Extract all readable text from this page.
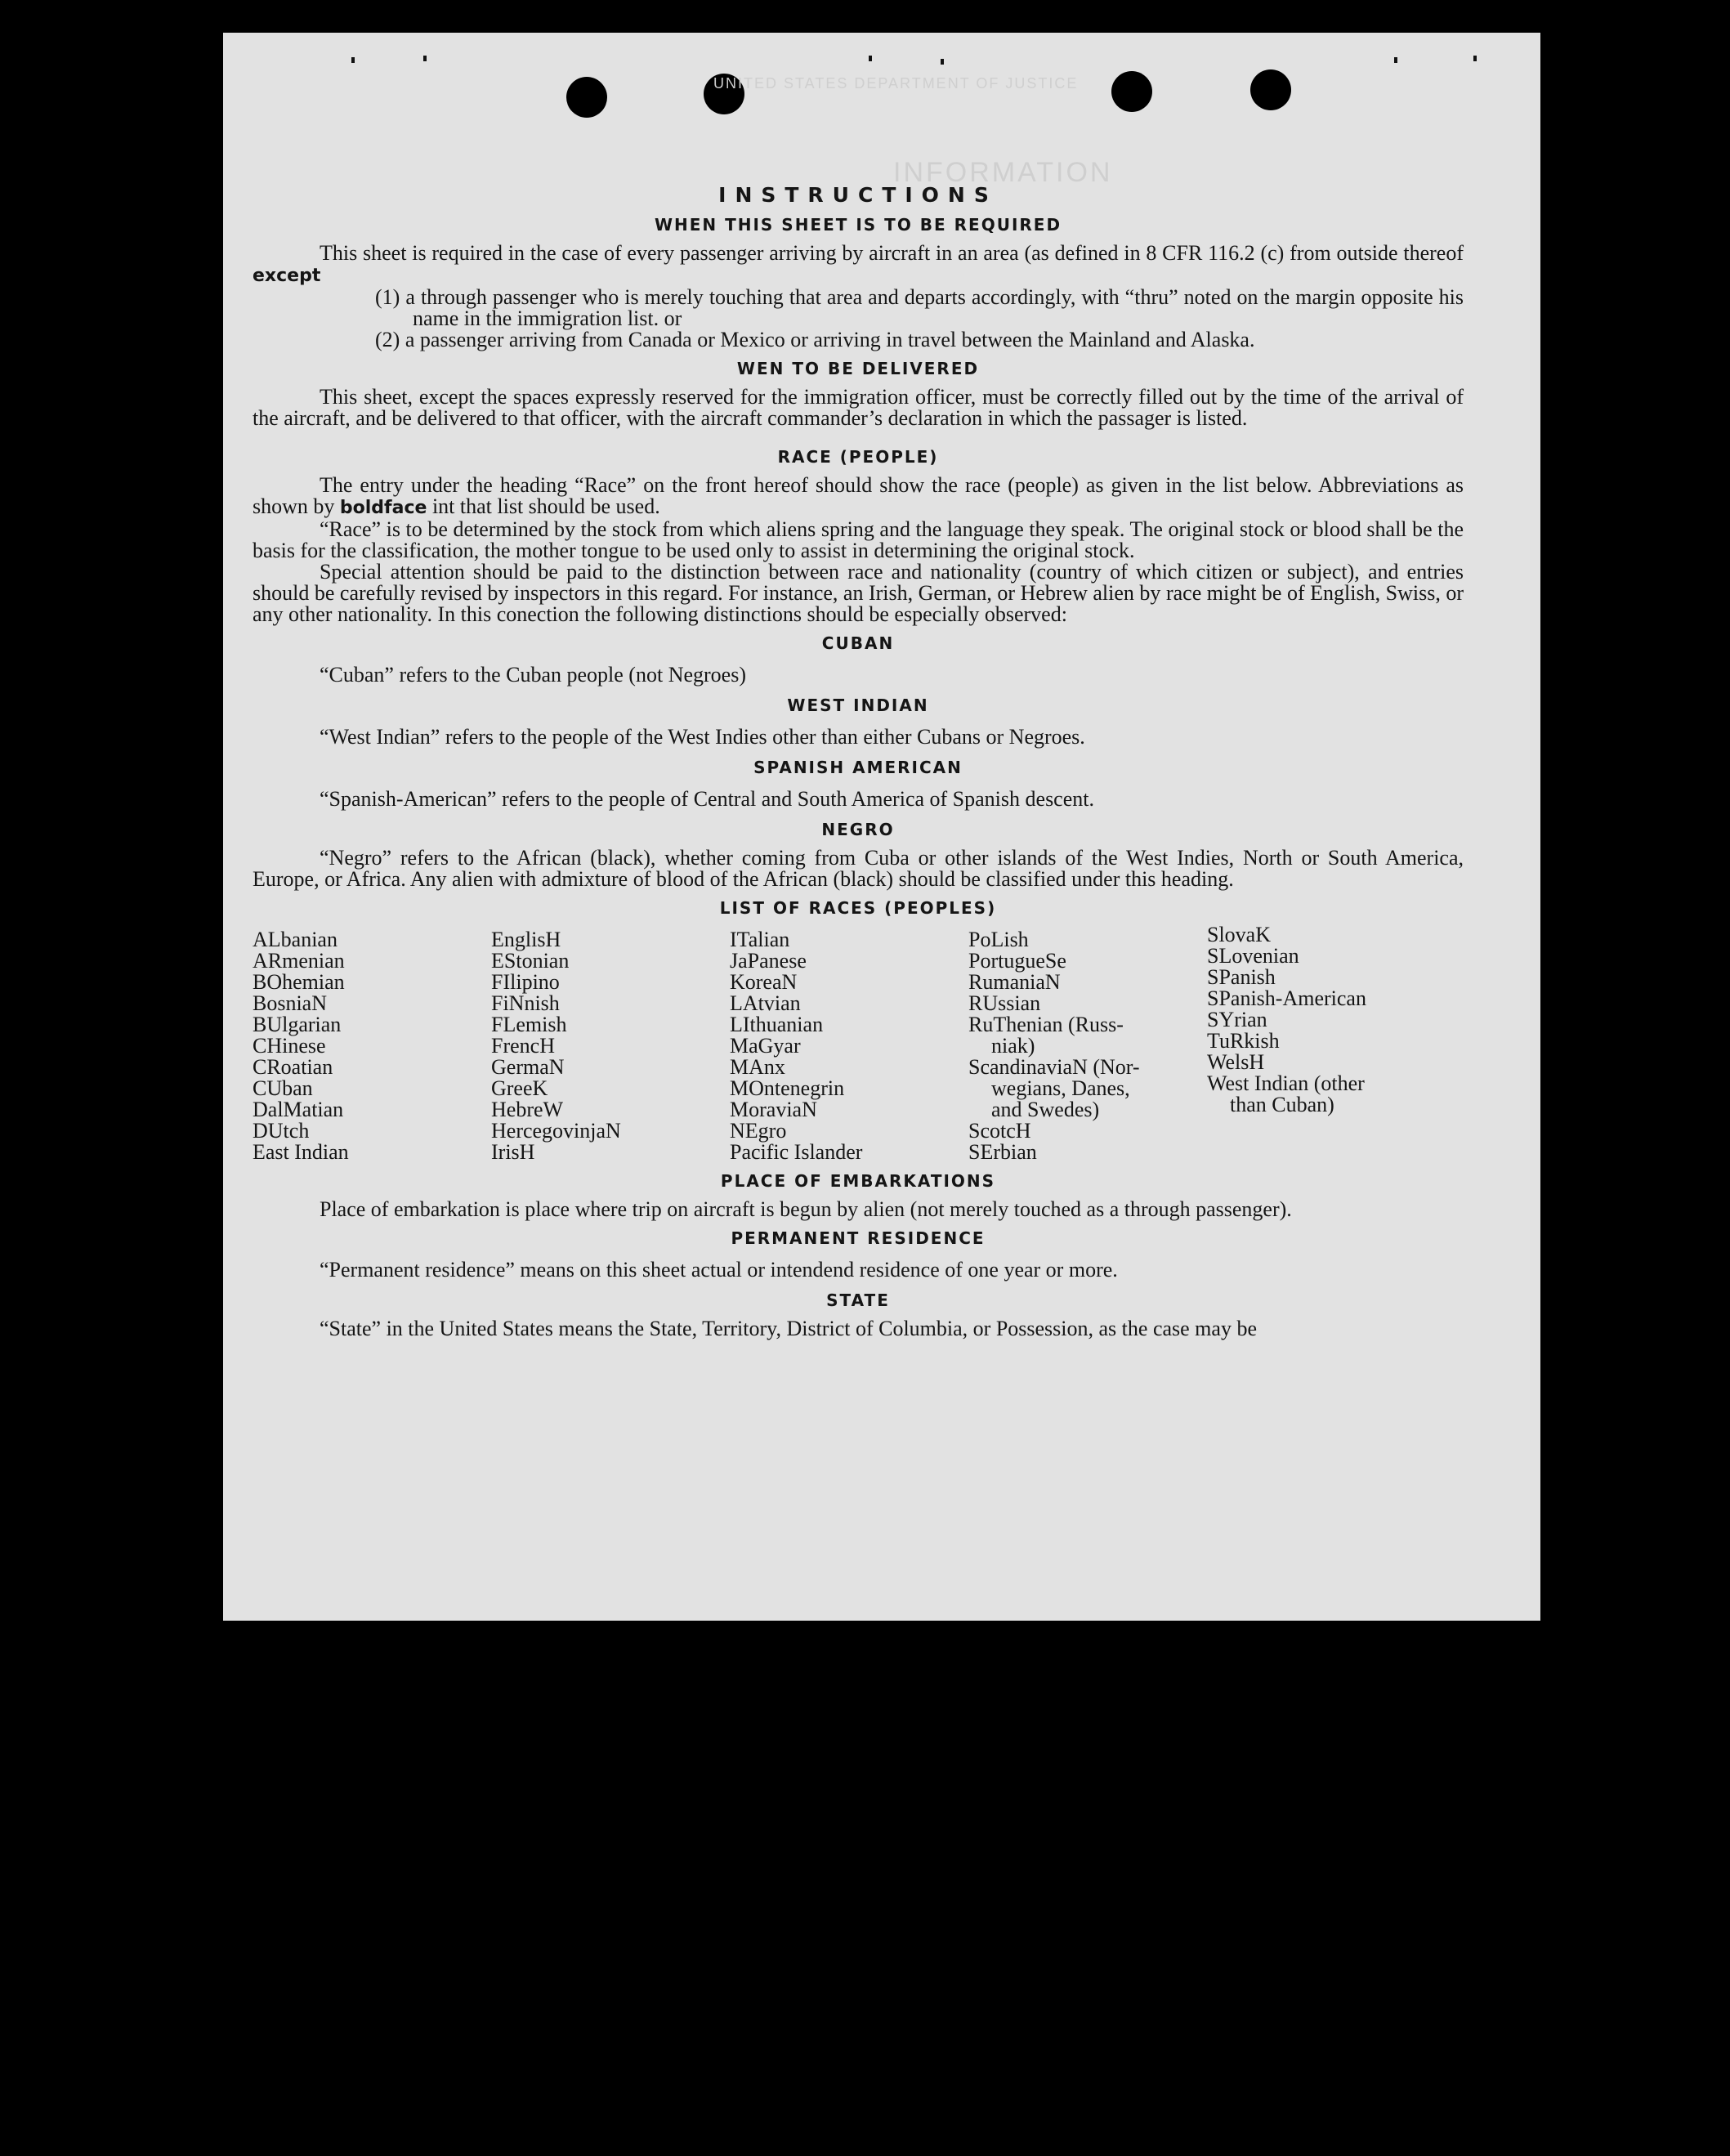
UNITED STATES DEPARTMENT OF JUSTICE
INFORMATION
INSTRUCTIONS
WHEN THIS SHEET IS TO BE REQUIRED

This sheet is required in the case of every passenger arriving by aircraft in an area (as defined in 8 CFR 116.2 (c) from outside thereof except

(1) a through passenger who is merely touching that area and departs accordingly, with “thru” noted on the margin opposite his name in the immigration list. or

(2) a passenger arriving from Canada or Mexico or arriving in travel between the Mainland and Alaska.

WEN TO BE DELIVERED

This sheet, except the spaces expressly reserved for the immigration officer, must be correctly filled out by the time of the arrival of the aircraft, and be delivered to that officer, with the aircraft commander’s declaration in which the passager is listed.

RACE (PEOPLE)

The entry under the heading “Race” on the front hereof should show the race (people) as given in the list below. Abbreviations as shown by boldface int that list should be used.

“Race” is to be determined by the stock from which aliens spring and the language they speak. The original stock or blood shall be the basis for the classification, the mother tongue to be used only to assist in determining the original stock.

Special attention should be paid to the distinction between race and nationality (country of which citizen or subject), and entries should be carefully revised by inspectors in this regard. For instance, an Irish, German, or Hebrew alien by race might be of English, Swiss, or any other nationality. In this conection the following distinctions should be especially observed:

CUBAN

“Cuban” refers to the Cuban people (not Negroes)

WEST INDIAN

“West Indian” refers to the people of the West Indies other than either Cubans or Negroes.

SPANISH AMERICAN

“Spanish-American” refers to the people of Central and South America of Spanish descent.

NEGRO

“Negro” refers to the African (black), whether coming from Cuba or other islands of the West Indies, North or South America, Europe, or Africa. Any alien with admixture of blood of the African (black) should be classified under this heading.

LIST OF RACES (PEOPLES)
ALbanian
ARmenian
BOhemian
BosniaN
BUlgarian
CHinese
CRoatian
CUban
DalMatian
DUtch
East Indian
EnglisH
EStonian
FIlipino
FiNnish
FLemish
FrencH
GermaN
GreeK
HebreW
HercegovinjaN
IrisH
ITalian
JaPanese
KoreaN
LAtvian
LIthuanian
MaGyar
MAnx
MOntenegrin
MoraviaN
NEgro
Pacific Islander
PoLish
PortugueSe
RumaniaN
RUssian
RuThenian (Russ-
niak)
ScandinaviaN (Nor-
wegians, Danes,
and Swedes)
ScotcH
SErbian
SlovaK
SLovenian
SPanish
SPanish-American
SYrian
TuRkish
WelsH
West Indian (other
than Cuban)
PLACE OF EMBARKATIONS

Place of embarkation is place where trip on aircraft is begun by alien (not merely touched as a through passenger).

PERMANENT RESIDENCE

“Permanent residence” means on this sheet actual or intendend residence of one year or more.

STATE

“State” in the United States means the State, Territory, District of Columbia, or Possession, as the case may be
